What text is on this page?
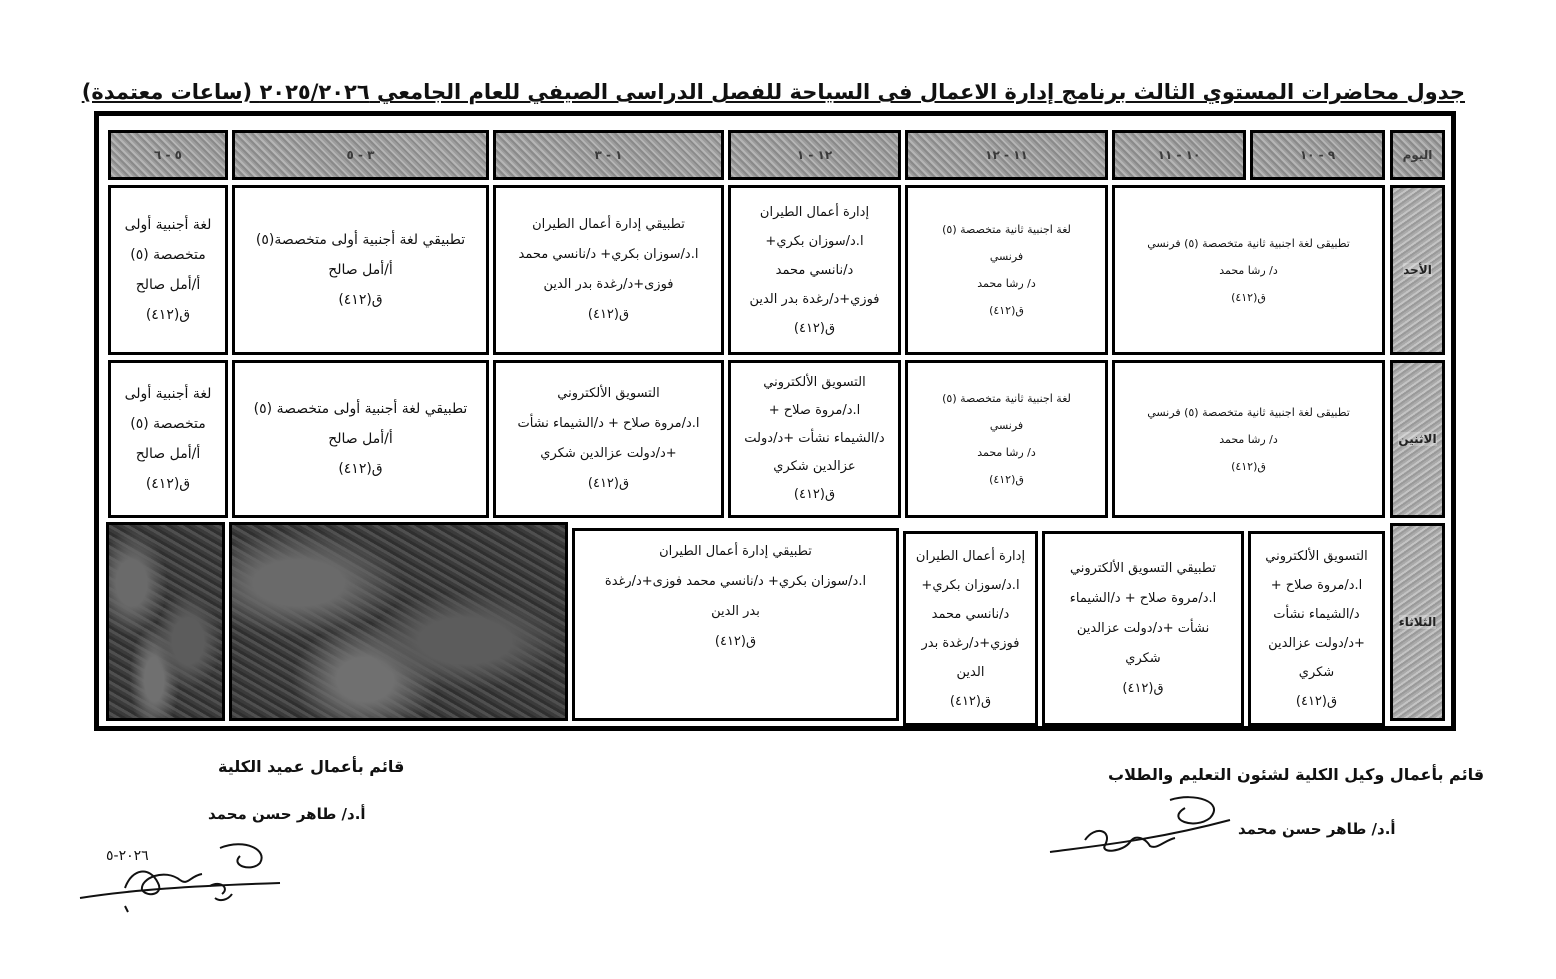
جدول محاضرات المستوي الثالث برنامج إدارة الاعمال فى السياحة للفصل الدراسى الصيفي للعام الجامعي ٢٠٢٥/٢٠٢٦ (ساعات معتمدة)
اليوم
٩ - ١٠
١٠ - ١١
١١ - ١٢
١٢ - ١
١ - ٣
٣ - ٥
٥ - ٦
الأحد
الاثنين
الثلاثاء
تطبيقى لغة اجنبية ثانية متخصصة (٥) فرنسي
د/ رشا محمد
ق(٤١٢)
لغة اجنبية ثانية متخصصة (٥)
فرنسي
د/ رشا محمد
ق(٤١٢)
إدارة أعمال الطيران
ا.د/سوزان بكري+
د/نانسي محمد
فوزي+د/رغدة بدر الدين
ق(٤١٢)
تطبيقي إدارة أعمال الطيران
ا.د/سوزان بكري+ د/نانسي محمد
فوزى+د/رغدة بدر الدين
ق(٤١٢)
تطبيقي لغة أجنبية أولى متخصصة(٥)
أ/أمل صالح
ق(٤١٢)
لغة أجنبية أولى
متخصصة (٥)
أ/أمل صالح
ق(٤١٢)
تطبيقى لغة اجنبية ثانية متخصصة (٥) فرنسي
د/ رشا محمد
ق(٤١٢)
لغة اجنبية ثانية متخصصة (٥)
فرنسي
د/ رشا محمد
ق(٤١٢)
التسويق الألكتروني
ا.د/مروة صلاح +
د/الشيماء نشأت +د/دولت
عزالدين شكري
ق(٤١٢)
التسويق الألكتروني
ا.د/مروة صلاح + د/الشيماء نشأت
+د/دولت عزالدين شكري
ق(٤١٢)
تطبيقي لغة أجنبية أولى متخصصة (٥)
أ/أمل صالح
ق(٤١٢)
لغة أجنبية أولى
متخصصة (٥)
أ/أمل صالح
ق(٤١٢)
التسويق الألكتروني
ا.د/مروة صلاح +
د/الشيماء نشأت
+د/دولت عزالدين
شكري
ق(٤١٢)
تطبيقي التسويق الألكتروني
ا.د/مروة صلاح + د/الشيماء
نشأت +د/دولت عزالدين
شكري
ق(٤١٢)
إدارة أعمال الطيران
ا.د/سوزان بكري+
د/نانسي محمد
فوزي+د/رغدة بدر
الدين
ق(٤١٢)
تطبيقي إدارة أعمال الطيران
ا.د/سوزان بكري+ د/نانسي محمد فوزى+د/رغدة
بدر الدين
ق(٤١٢)
قائم بأعمال عميد الكلية
أ.د/ طاهر حسن محمد
قائم بأعمال وكيل الكلية لشئون التعليم والطلاب
أ.د/ طاهر حسن محمد
٢٠٢٦-٥
